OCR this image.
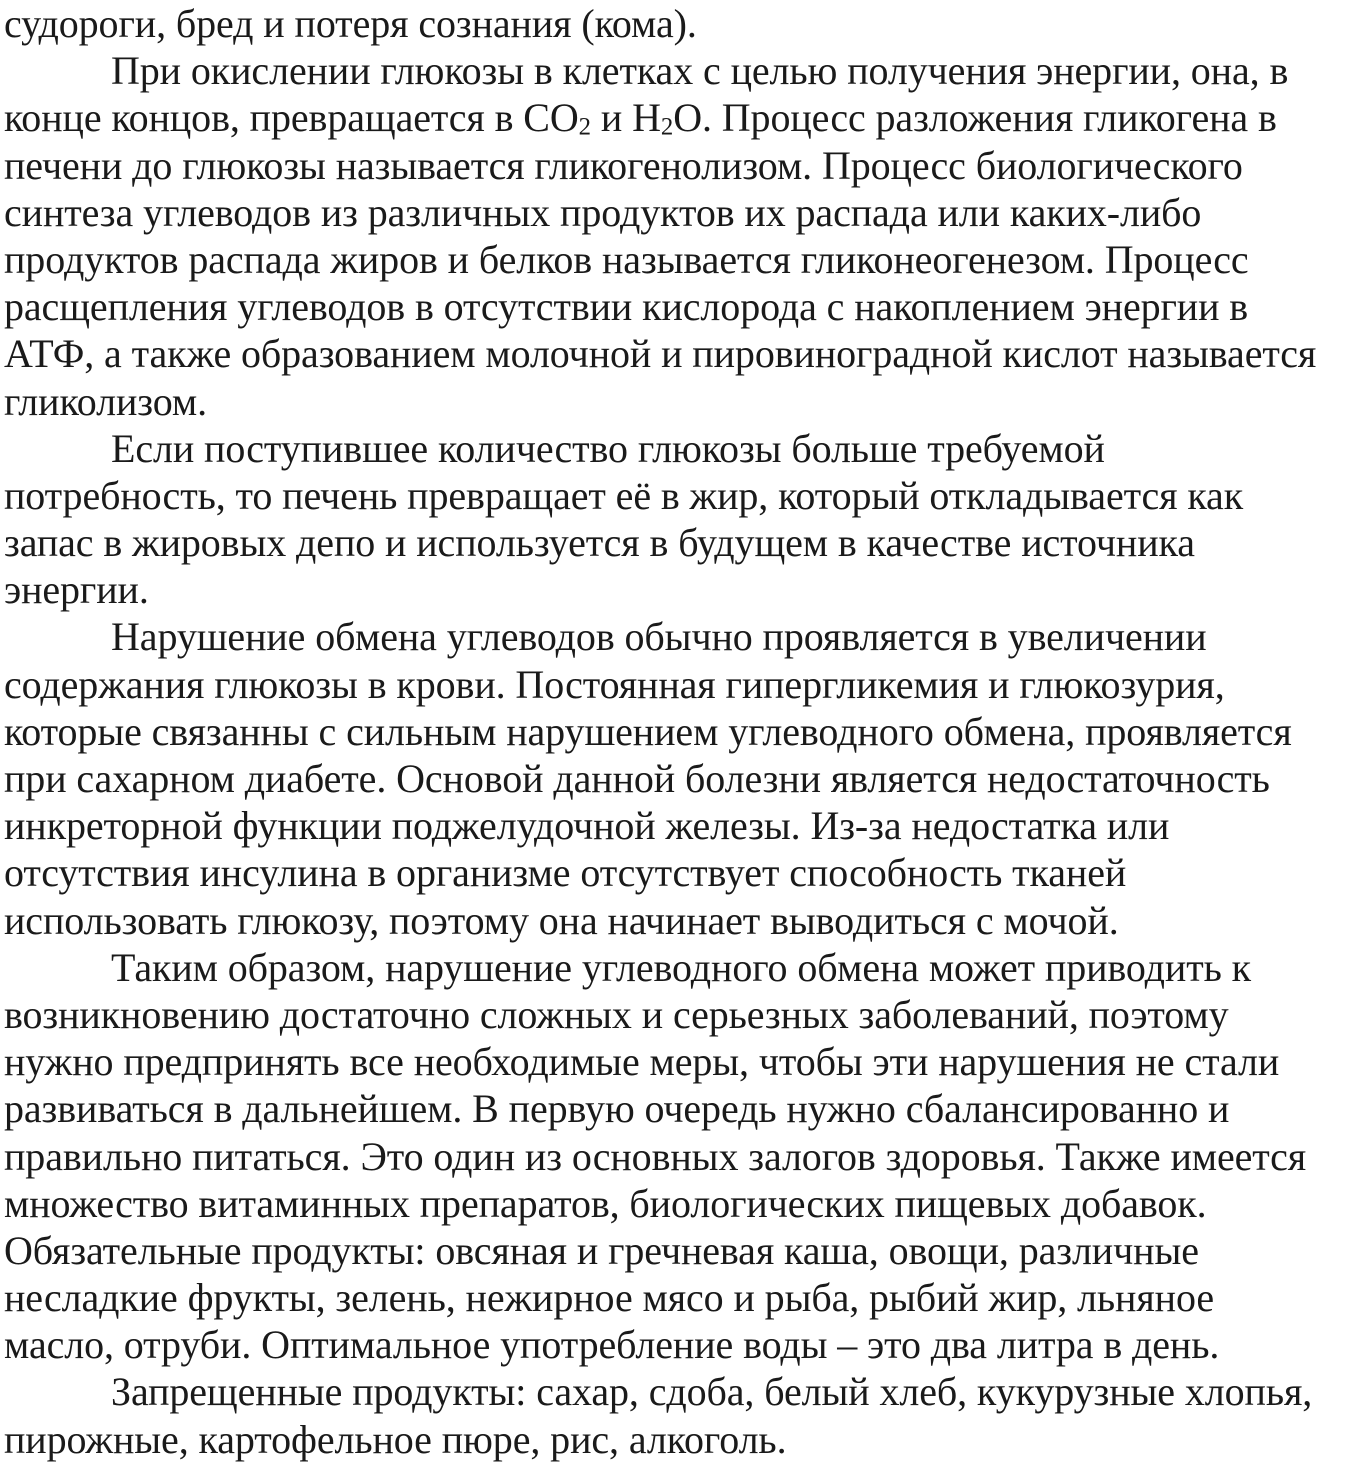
судороги, бред и потеря сознания (кома).
При окислении глюкозы в клетках с целью получения энергии, она, в
конце концов, превращается в $CO_2$ и $H_2O$. Процесс разложения гликогена в
печени до глюкозы называется гликогенолизом. Процесс биологического
синтеза углеводов из различных продуктов их распада или каких-либо
продуктов распада жиров и белков называется гликонеогенезом. Процесс
расщепления углеводов в отсутствии кислорода с накоплением энергии в
АТФ, а также образованием молочной и пировиноградной кислот называется
гликолизом.
Если поступившее количество глюкозы больше требуемой
потребность, то печень превращает её в жир, который откладывается как
запас в жировых депо и используется в будущем в качестве источника
энергии.
Нарушение обмена углеводов обычно проявляется в увеличении
содержания глюкозы в крови. Постоянная гипергликемия и глюкозурия,
которые связанны с сильным нарушением углеводного обмена, проявляется
при сахарном диабете. Основой данной болезни является недостаточность
инкреторной функции поджелудочной железы. Из-за недостатка или
отсутствия инсулина в организме отсутствует способность тканей
использовать глюкозу, поэтому она начинает выводиться с мочой.
Таким образом, нарушение углеводного обмена может приводить к
возникновению достаточно сложных и серьезных заболеваний, поэтому
нужно предпринять все необходимые меры, чтобы эти нарушения не стали
развиваться в дальнейшем. В первую очередь нужно сбалансированно и
правильно питаться. Это один из основных залогов здоровья. Также имеется
множество витаминных препаратов, биологических пищевых добавок.
Обязательные продукты: овсяная и гречневая каша, овощи, различные
несладкие фрукты, зелень, нежирное мясо и рыба, рыбий жир, льняное
масло, отруби. Оптимальное употребление воды – это два литра в день.
Запрещенные продукты: сахар, сдоба, белый хлеб, кукурузные хлопья,
пирожные, картофельное пюре, рис, алкоголь.
